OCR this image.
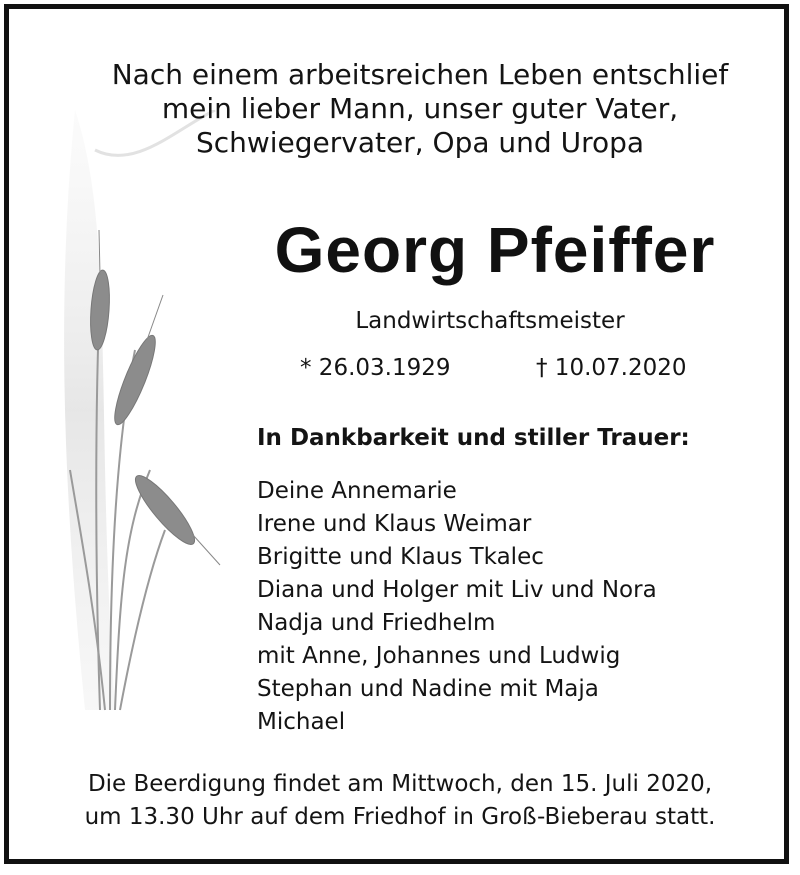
Nach einem arbeitsreichen Leben entschlief
mein lieber Mann, unser guter Vater,
Schwiegervater, Opa und Uropa
Georg Pfeiffer
Landwirtschaftsmeister
* 26.03.1929	† 10.07.2020
In Dankbarkeit und stiller Trauer:
Deine Annemarie
Irene und Klaus Weimar
Brigitte und Klaus Tkalec
Diana und Holger mit Liv und Nora
Nadja und Friedhelm
mit Anne, Johannes und Ludwig
Stephan und Nadine mit Maja
Michael
Die Beerdigung findet am Mittwoch, den 15. Juli 2020,
um 13.30 Uhr auf dem Friedhof in Groß-Bieberau statt.
